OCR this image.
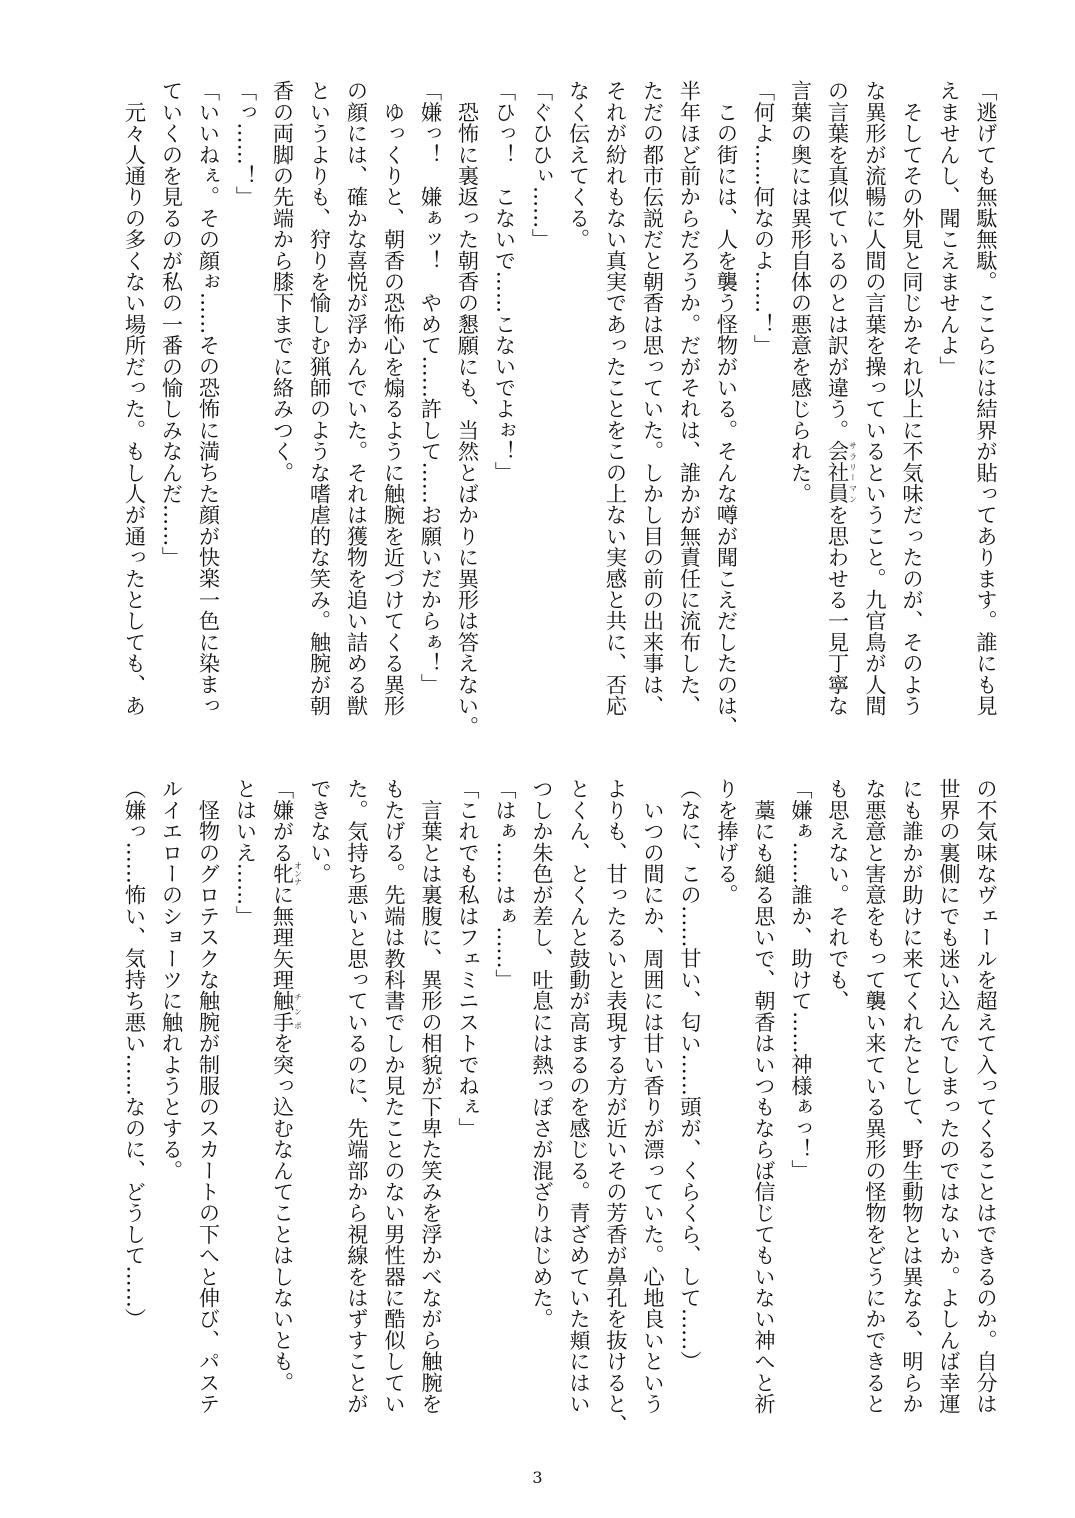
「逃げても無駄無駄。ここらには結界が貼ってあります。誰にも見
えませんし、聞こえませんよ」
　そしてその外見と同じかそれ以上に不気味だったのが、そのよう
な異形が流暢に人間の言葉を操っているということ。九官鳥が人間
の言葉を真似ているのとは訳が違う。会社員サラリーマンを思わせる一見丁寧な
言葉の奥には異形自体の悪意を感じられた。
「何よ……何なのよ……！」
　この街には、人を襲う怪物がいる。そんな噂が聞こえだしたのは、
半年ほど前からだろうか。だがそれは、誰かが無責任に流布した、
ただの都市伝説だと朝香は思っていた。しかし目の前の出来事は、
それが紛れもない真実であったことをこの上ない実感と共に、否応
なく伝えてくる。
「ぐひひぃ……」
「ひっ！　こないで……こないでよぉ！」
　恐怖に裏返った朝香の懇願にも、当然とばかりに異形は答えない。
「嫌っ！　嫌ぁッ！　やめて……許して……お願いだからぁ！」
　ゆっくりと、朝香の恐怖心を煽るように触腕を近づけてくる異形
の顔には、確かな喜悦が浮かんでいた。それは獲物を追い詰める獣
というよりも、狩りを愉しむ猟師のような嗜虐的な笑み。触腕が朝
香の両脚の先端から膝下までに絡みつく。
「っ……！」
「いいねぇ。その顔ぉ……その恐怖に満ちた顔が快楽一色に染まっ
ていくのを見るのが私の一番の愉しみなんだ……」
　元々人通りの多くない場所だった。もし人が通ったとしても、あ
の不気味なヴェールを超えて入ってくることはできるのか。自分は
世界の裏側にでも迷い込んでしまったのではないか。よしんば幸運
にも誰かが助けに来てくれたとして、野生動物とは異なる、明らか
な悪意と害意をもって襲い来ている異形の怪物をどうにかできると
も思えない。それでも、
「嫌ぁ……誰か、助けて……神様ぁっ！」
　藁にも縋る思いで、朝香はいつもならば信じてもいない神へと祈
りを捧げる。
（なに、この……甘い、匂い……頭が、くらくら、して……）
　いつの間にか、周囲には甘い香りが漂っていた。心地良いという
よりも、甘ったるいと表現する方が近いその芳香が鼻孔を抜けると、
とくん、とくんと鼓動が高まるのを感じる。青ざめていた頬にはい
つしか朱色が差し、吐息には熱っぽさが混ざりはじめた。
「はぁ……はぁ……」
「これでも私はフェミニストでねぇ」
　言葉とは裏腹に、異形の相貌が下卑た笑みを浮かべながら触腕を
もたげる。先端は教科書でしか見たことのない男性器に酷似してい
た。気持ち悪いと思っているのに、先端部から視線をはずすことが
できない。
「嫌がる牝オンナに無理矢理触手チンポを突っ込むなんてことはしないとも。
とはいえ……」
　怪物のグロテスクな触腕が制服のスカートの下へと伸び、パステ
ルイエローのショーツに触れようとする。
（嫌っ……怖い、気持ち悪い……なのに、どうして……）
3
